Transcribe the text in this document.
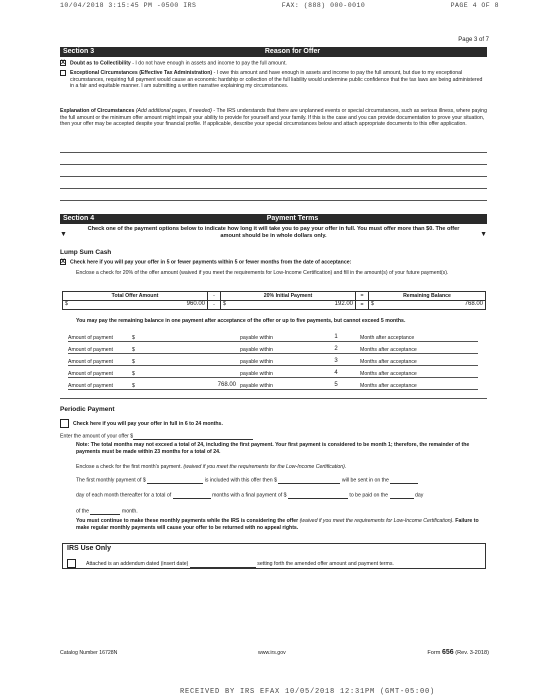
10/04/2018 3:15:45 PM -0500 IRS	FAX: (888) 000-0010	PAGE 4 OF 8
Page 3 of 7
Section 3	Reason for Offer
X Doubt as to Collectibility - I do not have enough in assets and income to pay the full amount.
Exceptional Circumstances (Effective Tax Administration) - I owe this amount and have enough in assets and income to pay the full amount, but due to my exceptional circumstances, requiring full payment would cause an economic hardship or collection of the full liability would undermine public confidence that the tax laws are being administered in a fair and equitable manner. I am submitting a written narrative explaining my circumstances.
Explanation of Circumstances (Add additional pages, if needed) - The IRS understands that there are unplanned events or special circumstances, such as serious illness, where paying the full amount or the minimum offer amount might impair your ability to provide for yourself and your family. If this is the case and you can provide documentation to prove your situation, then your offer may be accepted despite your financial profile. If applicable, describe your special circumstances below and attach appropriate documents to this offer application.
Section 4	Payment Terms
▼
Check one of the payment options below to indicate how long it will take you to pay your offer in full. You must offer more than $0. The offer amount should be in whole dollars only.	▼
Lump Sum Cash
X Check here if you will pay your offer in 5 or fewer payments within 5 or fewer months from the date of acceptance:
Enclose a check for 20% of the offer amount (waived if you meet the requirements for Low-Income Certification) and fill in the amount(s) of your future payment(s).
Total Offer Amount	-	20% Initial Payment	=	Remaining Balance
$ 960.00	-	$ 192.00	=	$ 768.00
You may pay the remaining balance in one payment after acceptance of the offer or up to five payments, but cannot exceed 5 months.
Amount of payment	$	payable within	1	Month after acceptance
Amount of payment	$	payable within	2	Months after acceptance
Amount of payment	$	payable within	3	Months after acceptance
Amount of payment	$	payable within	4	Months after acceptance
Amount of payment	$	768.00 payable within	5	Months after acceptance
Periodic Payment
Check here if you will pay your offer in full in 6 to 24 months.
Enter the amount of your offer $
Note: The total months may not exceed a total of 24, including the first payment. Your first payment is considered to be month 1; therefore, the remainder of the payments must be made within 23 months for a total of 24.
Enclose a check for the first month's payment. (waived if you meet the requirements for the Low-Income Certification).
The first monthly payment of $	is included with this offer then $	will be sent in on the
day of each month thereafter for a total of	months with a final payment of $	to be paid on the	day
of the	month.
You must continue to make these monthly payments while the IRS is considering the offer (waived if you meet the requirements for Low-Income Certification). Failure to make regular monthly payments will cause your offer to be returned with no appeal rights.
IRS Use Only
Attached is an addendum dated (insert date)	setting forth the amended offer amount and payment terms.
Catalog Number 16728N	www.irs.gov	Form 656 (Rev. 3-2018)
RECEIVED BY IRS EFAX 10/05/2018 12:31PM (GMT-05:00)
